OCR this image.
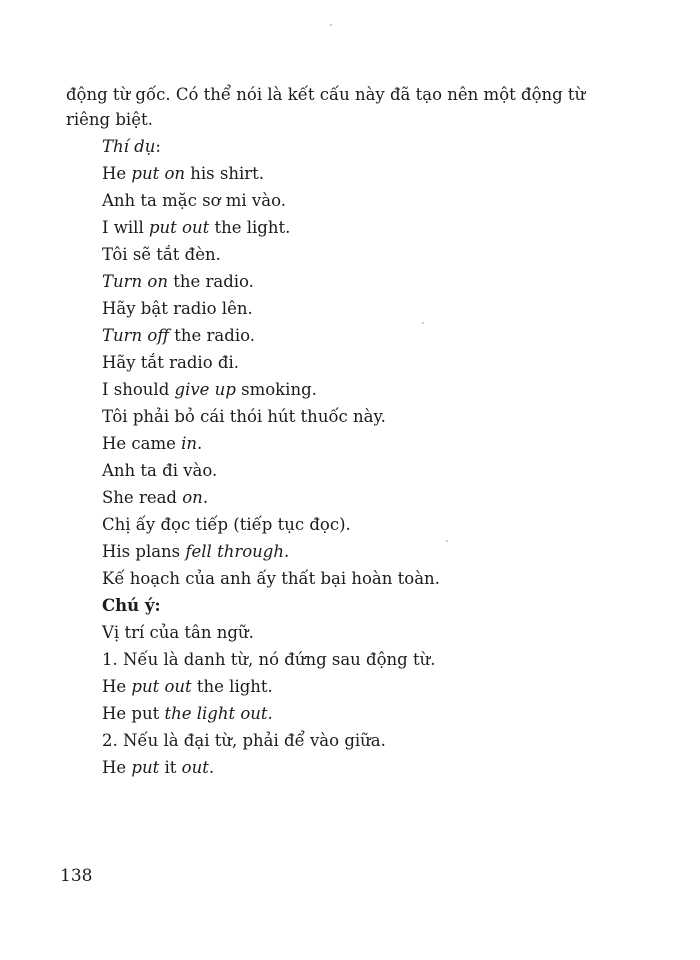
động từ gốc. Có thể nói là kết cấu này đã tạo nên một động từ

riêng biệt.

Thí dụ:
He put on his shirt.
Anh ta mặc sơ mi vào.
I will put out the light.
Tôi sẽ tắt đèn.
Turn on the radio.
Hãy bật radio lên.
Turn off the radio.
Hãy tắt radio đi.
I should give up smoking.
Tôi phải bỏ cái thói hút thuốc này.
He came in.
Anh ta đi vào.
She read on.
Chị ấy đọc tiếp (tiếp tục đọc).
His plans fell through.
Kế hoạch của anh ấy thất bại hoàn toàn.
Chú ý:
Vị trí của tân ngữ.
1. Nếu là danh từ, nó đứng sau động từ.
He put out the light.
He put the light out.
2. Nếu là đại từ, phải để vào giữa.
He put it out.
138
